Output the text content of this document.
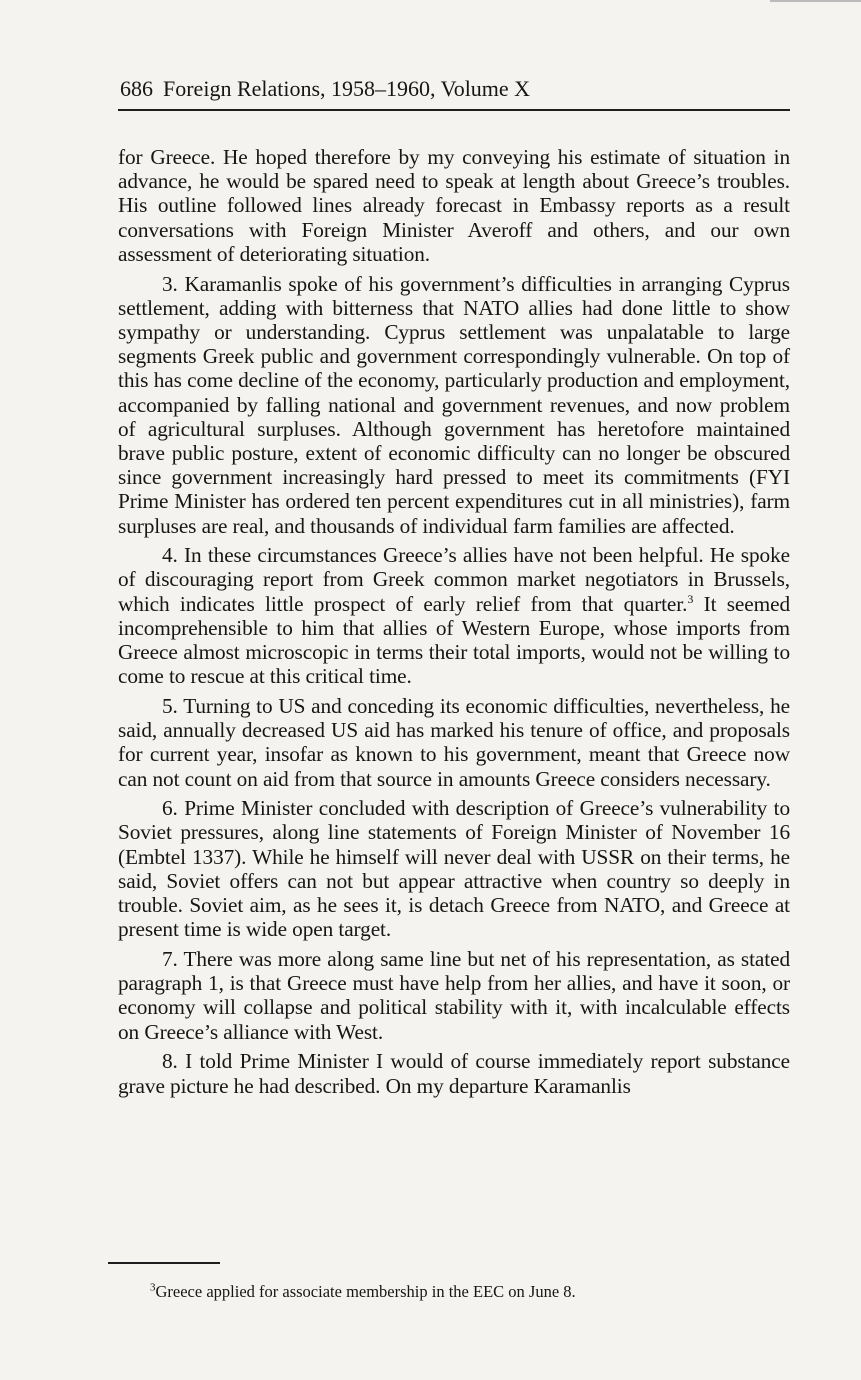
686 Foreign Relations, 1958–1960, Volume X

for Greece. He hoped therefore by my conveying his estimate of situation in advance, he would be spared need to speak at length about Greece’s troubles. His outline followed lines already forecast in Embassy reports as a result conversations with Foreign Minister Averoff and others, and our own assessment of deteriorating situation.

3. Karamanlis spoke of his government’s difficulties in arranging Cyprus settlement, adding with bitterness that NATO allies had done little to show sympathy or understanding. Cyprus settlement was unpalatable to large segments Greek public and government correspondingly vulnerable. On top of this has come decline of the economy, particularly production and employment, accompanied by falling national and government revenues, and now problem of agricultural surpluses. Although government has heretofore maintained brave public posture, extent of economic difficulty can no longer be obscured since government increasingly hard pressed to meet its commitments (FYI Prime Minister has ordered ten percent expenditures cut in all ministries), farm surpluses are real, and thousands of individual farm families are affected.

4. In these circumstances Greece’s allies have not been helpful. He spoke of discouraging report from Greek common market negotiators in Brussels, which indicates little prospect of early relief from that quarter.$^3$ It seemed incomprehensible to him that allies of Western Europe, whose imports from Greece almost microscopic in terms their total imports, would not be willing to come to rescue at this critical time.

5. Turning to US and conceding its economic difficulties, nevertheless, he said, annually decreased US aid has marked his tenure of office, and proposals for current year, insofar as known to his government, meant that Greece now can not count on aid from that source in amounts Greece considers necessary.

6. Prime Minister concluded with description of Greece’s vulnerability to Soviet pressures, along line statements of Foreign Minister of November 16 (Embtel 1337). While he himself will never deal with USSR on their terms, he said, Soviet offers can not but appear attractive when country so deeply in trouble. Soviet aim, as he sees it, is detach Greece from NATO, and Greece at present time is wide open target.

7. There was more along same line but net of his representation, as stated paragraph 1, is that Greece must have help from her allies, and have it soon, or economy will collapse and political stability with it, with incalculable effects on Greece’s alliance with West.

8. I told Prime Minister I would of course immediately report substance grave picture he had described. On my departure Karamanlis

$^3$Greece applied for associate membership in the EEC on June 8.
